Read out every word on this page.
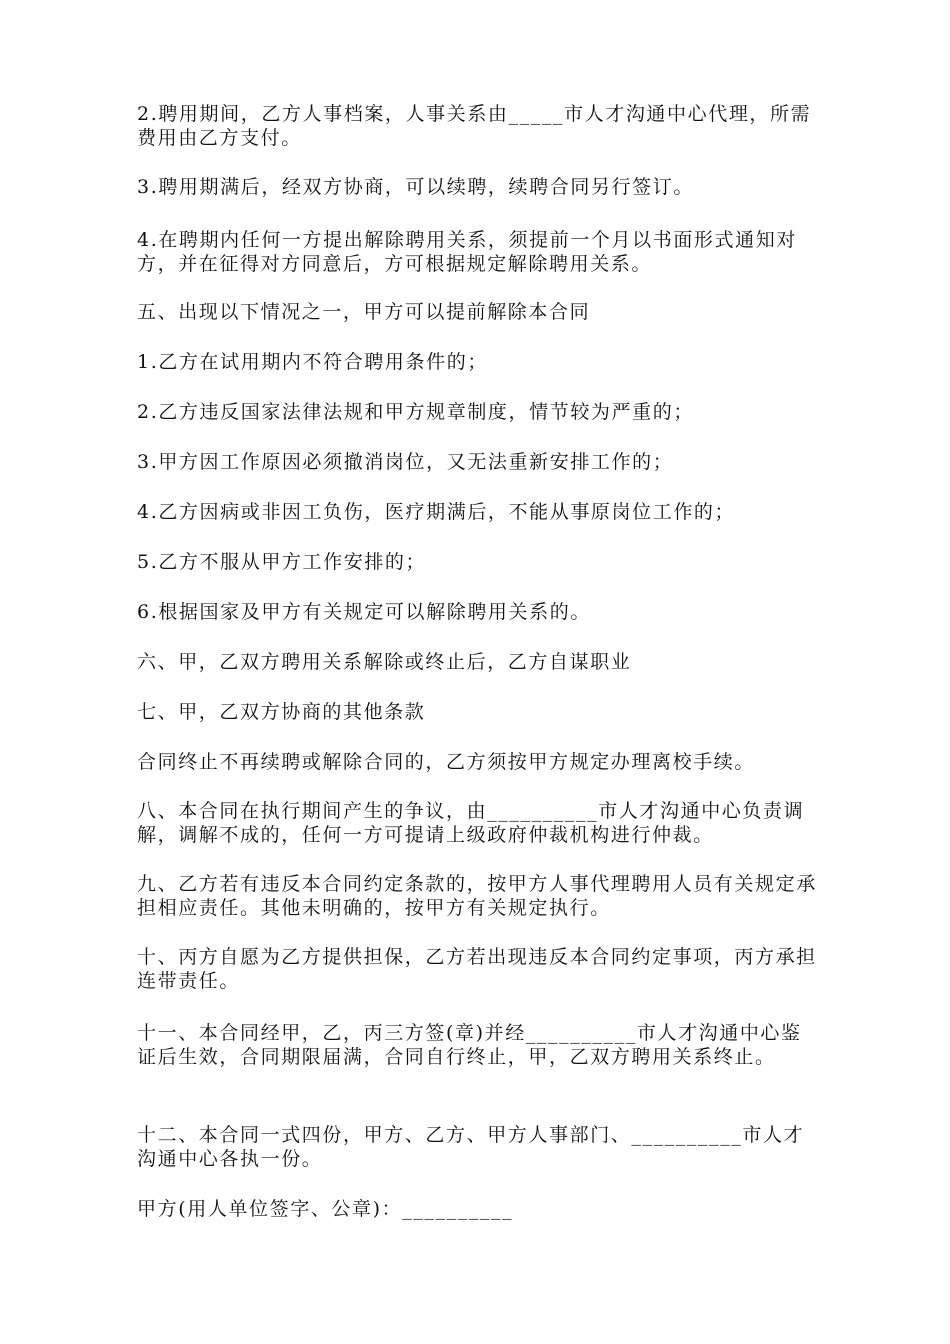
2.聘用期间，乙方人事档案，人事关系由_____市人才沟通中心代理，所需费用由乙方支付。

3.聘用期满后，经双方协商，可以续聘，续聘合同另行签订。

4.在聘期内任何一方提出解除聘用关系，须提前一个月以书面形式通知对方，并在征得对方同意后，方可根据规定解除聘用关系。

五、出现以下情况之一，甲方可以提前解除本合同

1.乙方在试用期内不符合聘用条件的；

2.乙方违反国家法律法规和甲方规章制度，情节较为严重的；

3.甲方因工作原因必须撤消岗位，又无法重新安排工作的；

4.乙方因病或非因工负伤，医疗期满后，不能从事原岗位工作的；

5.乙方不服从甲方工作安排的；

6.根据国家及甲方有关规定可以解除聘用关系的。

六、甲，乙双方聘用关系解除或终止后，乙方自谋职业

七、甲，乙双方协商的其他条款

合同终止不再续聘或解除合同的，乙方须按甲方规定办理离校手续。

八、本合同在执行期间产生的争议，由__________市人才沟通中心负责调解，调解不成的，任何一方可提请上级政府仲裁机构进行仲裁。

九、乙方若有违反本合同约定条款的，按甲方人事代理聘用人员有关规定承担相应责任。其他未明确的，按甲方有关规定执行。

十、丙方自愿为乙方提供担保，乙方若出现违反本合同约定事项，丙方承担连带责任。

十一、本合同经甲，乙，丙三方签(章)并经__________市人才沟通中心鉴证后生效，合同期限届满，合同自行终止，甲，乙双方聘用关系终止。

十二、本合同一式四份，甲方、乙方、甲方人事部门、__________市人才沟通中心各执一份。

甲方(用人单位签字、公章)：__________
